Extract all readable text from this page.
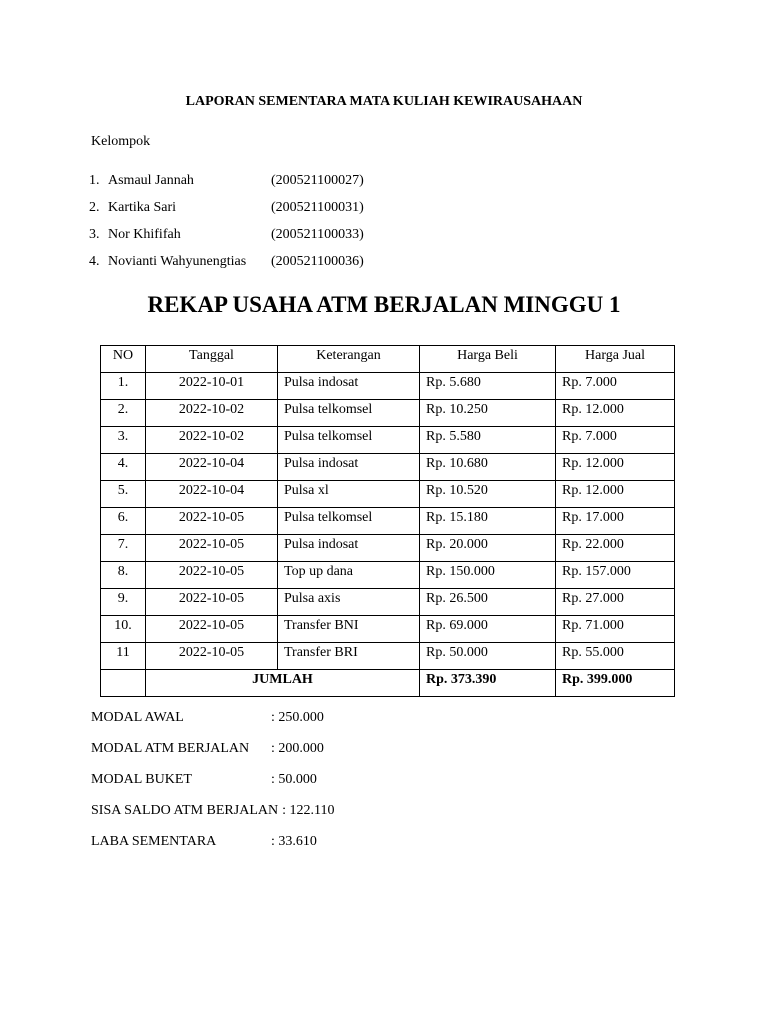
LAPORAN SEMENTARA MATA KULIAH KEWIRAUSAHAAN
Kelompok
1. Asmaul Jannah	(200521100027)
2. Kartika Sari	(200521100031)
3. Nor Khififah	(200521100033)
4. Novianti Wahyunengtias	(200521100036)
REKAP USAHA ATM BERJALAN MINGGU 1
NO	Tanggal	Keterangan	Harga Beli	Harga Jual
1.	2022-10-01	Pulsa indosat	Rp. 5.680	Rp. 7.000
2.	2022-10-02	Pulsa telkomsel	Rp. 10.250	Rp. 12.000
3.	2022-10-02	Pulsa telkomsel	Rp. 5.580	Rp. 7.000
4.	2022-10-04	Pulsa indosat	Rp. 10.680	Rp. 12.000
5.	2022-10-04	Pulsa xl	Rp. 10.520	Rp. 12.000
6.	2022-10-05	Pulsa telkomsel	Rp. 15.180	Rp. 17.000
7.	2022-10-05	Pulsa indosat	Rp. 20.000	Rp. 22.000
8.	2022-10-05	Top up dana	Rp. 150.000	Rp. 157.000
9.	2022-10-05	Pulsa axis	Rp. 26.500	Rp. 27.000
10.	2022-10-05	Transfer BNI	Rp. 69.000	Rp. 71.000
11	2022-10-05	Transfer BRI	Rp. 50.000	Rp. 55.000
	JUMLAH		Rp. 373.390	Rp. 399.000
MODAL AWAL	: 250.000
MODAL ATM BERJALAN	: 200.000
MODAL BUKET	: 50.000
SISA SALDO ATM BERJALAN : 122.110
LABA SEMENTARA	: 33.610
